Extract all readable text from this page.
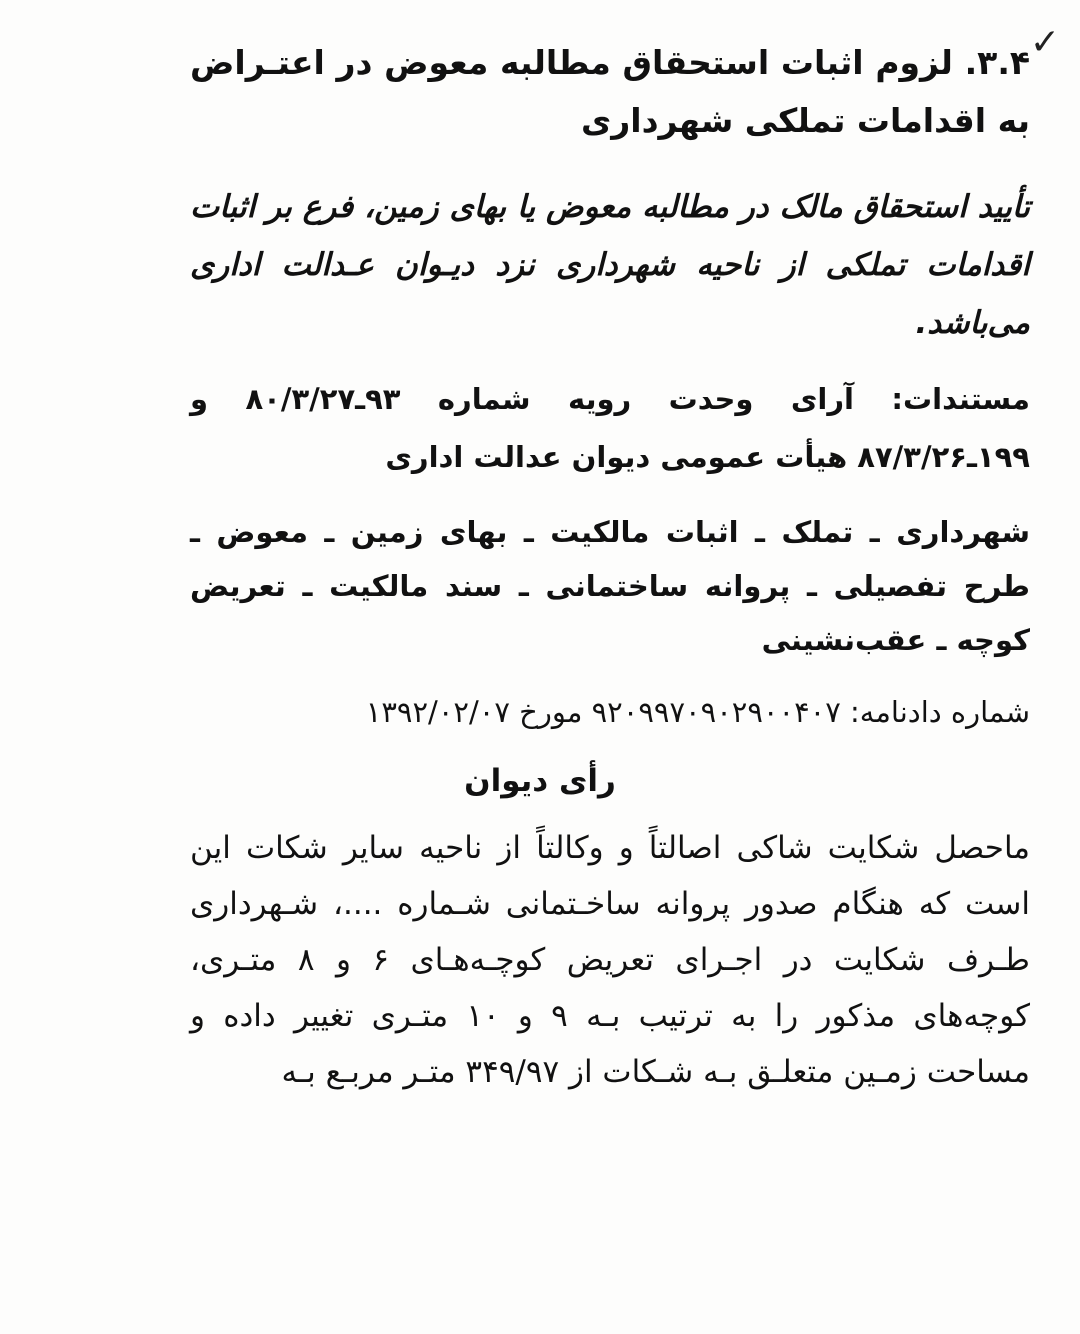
✓
۳.۴. لزوم اثبات استحقاق مطالبه معوض در اعتـراض به اقدامات تملکی شهرداری
تأیید استحقاق مالک در مطالبه معوض یا بهای زمین، فرع بر اثبات اقدامات تملکی از ناحیه شهرداری نزد دیـوان عـدالت اداری می‌باشد.
مستندات: آرای وحدت رویه شماره ۹۳ـ۸۰/۳/۲۷ و ۱۹۹ـ۸۷/۳/۲۶ هیأت عمومی دیوان عدالت اداری
شهرداری ـ تملک ـ اثبات مالکیت ـ بهای زمین ـ معوض ـ طرح تفصیلی ـ پروانه ساختمانی ـ سند مالکیت ـ تعریض کوچه ـ عقب‌نشینی
شماره دادنامه: ۹۲۰۹۹۷۰۹۰۲۹۰۰۴۰۷ مورخ ۱۳۹۲/۰۲/۰۷
رأی دیوان
ماحصل شکایت شاکی اصالتاً و وکالتاً از ناحیه سایر شکات این است که هنگام صدور پروانه ساخـتمانی شـماره ....، شـهرداری طـرف شکایت در اجـرای تعریض کوچـه‌هـای ۶ و ۸ متـری، کوچه‌های مذکور را به ترتیب بـه ۹ و ۱۰ متـری تغییر داده و مساحت زمـین متعلـق بـه شـکات از ۳۴۹/۹۷ متـر مربـع بـه
